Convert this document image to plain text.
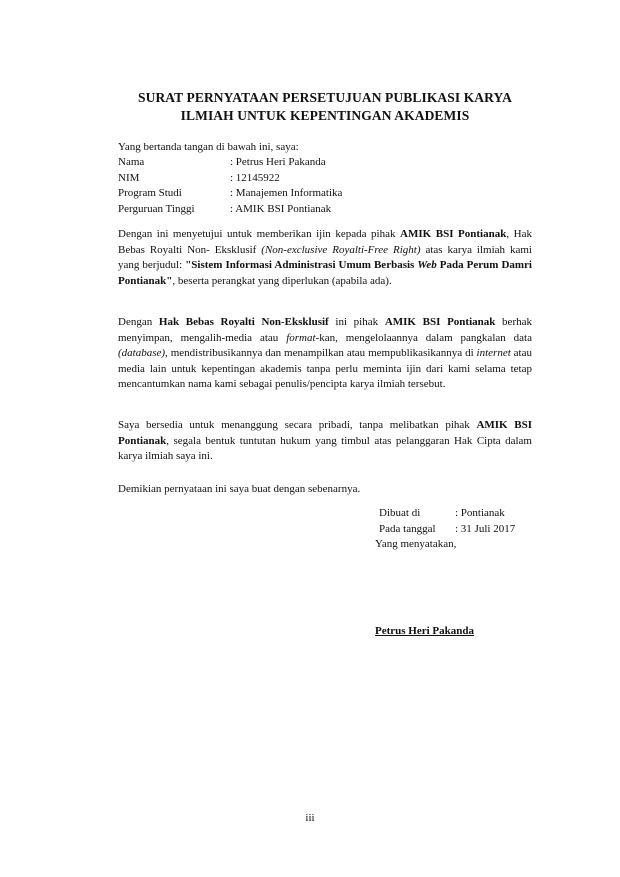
SURAT PERNYATAAN PERSETUJUAN PUBLIKASI KARYA
ILMIAH UNTUK KEPENTINGAN AKADEMIS
Yang bertanda tangan di bawah ini, saya:
Nama	: Petrus Heri Pakanda
NIM	: 12145922
Program Studi	: Manajemen Informatika
Perguruan Tinggi	: AMIK BSI Pontianak
Dengan ini menyetujui untuk memberikan ijin kepada pihak AMIK BSI Pontianak, Hak Bebas Royalti Non- Eksklusif (Non-exclusive Royalti-Free Right) atas karya ilmiah kami yang berjudul: "Sistem Informasi Administrasi Umum Berbasis Web Pada Perum Damri Pontianak", beserta perangkat yang diperlukan (apabila ada).
Dengan Hak Bebas Royalti Non-Eksklusif ini pihak AMIK BSI Pontianak berhak menyimpan, mengalih-media atau format-kan, mengelolaannya dalam pangkalan data (database), mendistribusikannya dan menampilkan atau mempublikasikannya di internet atau media lain untuk kepentingan akademis tanpa perlu meminta ijin dari kami selama tetap mencantumkan nama kami sebagai penulis/pencipta karya ilmiah tersebut.
Saya bersedia untuk menanggung secara pribadi, tanpa melibatkan pihak AMIK BSI Pontianak, segala bentuk tuntutan hukum yang timbul atas pelanggaran Hak Cipta dalam karya ilmiah saya ini.
Demikian pernyataan ini saya buat dengan sebenarnya.
Dibuat di	: Pontianak
Pada tanggal	: 31 Juli 2017
Yang menyatakan,
Petrus Heri Pakanda
iii
